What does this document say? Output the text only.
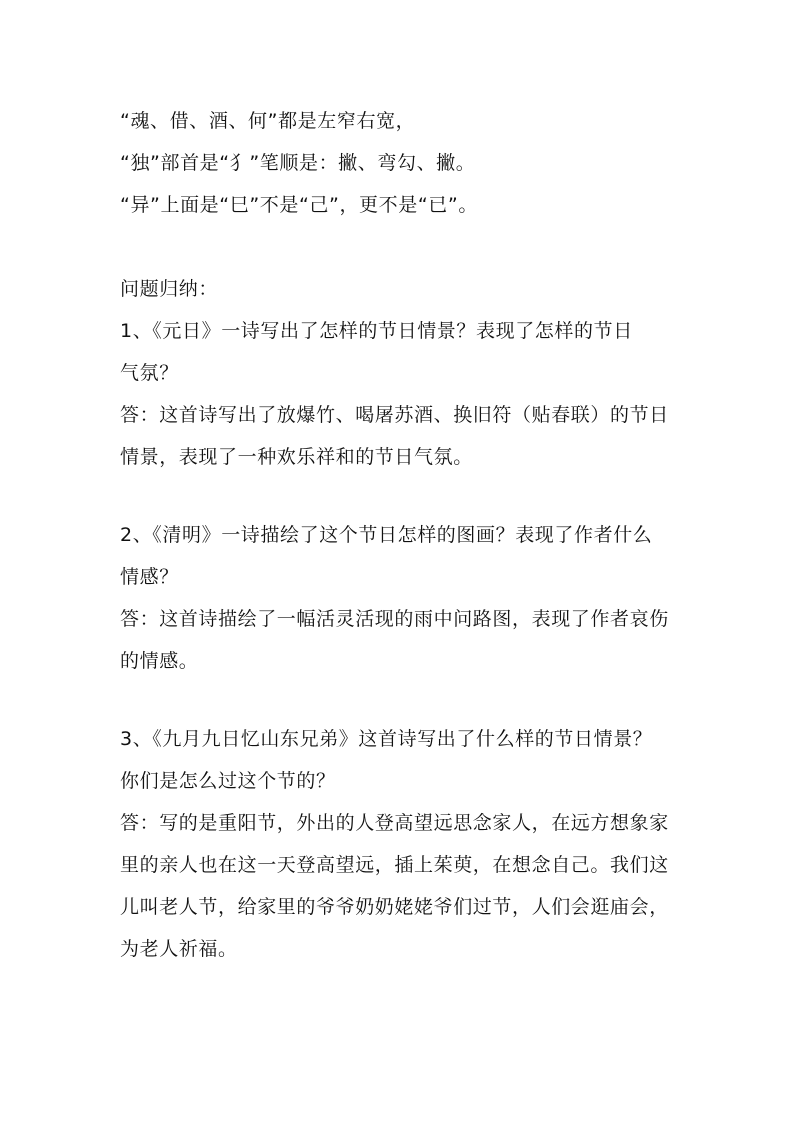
“魂、借、酒、何”都是左窄右宽，
“独”部首是“犭”笔顺是：撇、弯勾、撇。
“异”上面是“巳”不是“己”，更不是“已”。
问题归纳：
1、《元日》一诗写出了怎样的节日情景？表现了怎样的节日
气氛？
答：这首诗写出了放爆竹、喝屠苏酒、换旧符（贴春联）的节日
情景，表现了一种欢乐祥和的节日气氛。
2、《清明》一诗描绘了这个节日怎样的图画？表现了作者什么
情感？
答：这首诗描绘了一幅活灵活现的雨中问路图，表现了作者哀伤
的情感。
3、《九月九日忆山东兄弟》这首诗写出了什么样的节日情景？
你们是怎么过这个节的？
答：写的是重阳节，外出的人登高望远思念家人，在远方想象家
里的亲人也在这一天登高望远，插上茱萸，在想念自己。我们这
儿叫老人节，给家里的爷爷奶奶姥姥爷们过节，人们会逛庙会，
为老人祈福。
